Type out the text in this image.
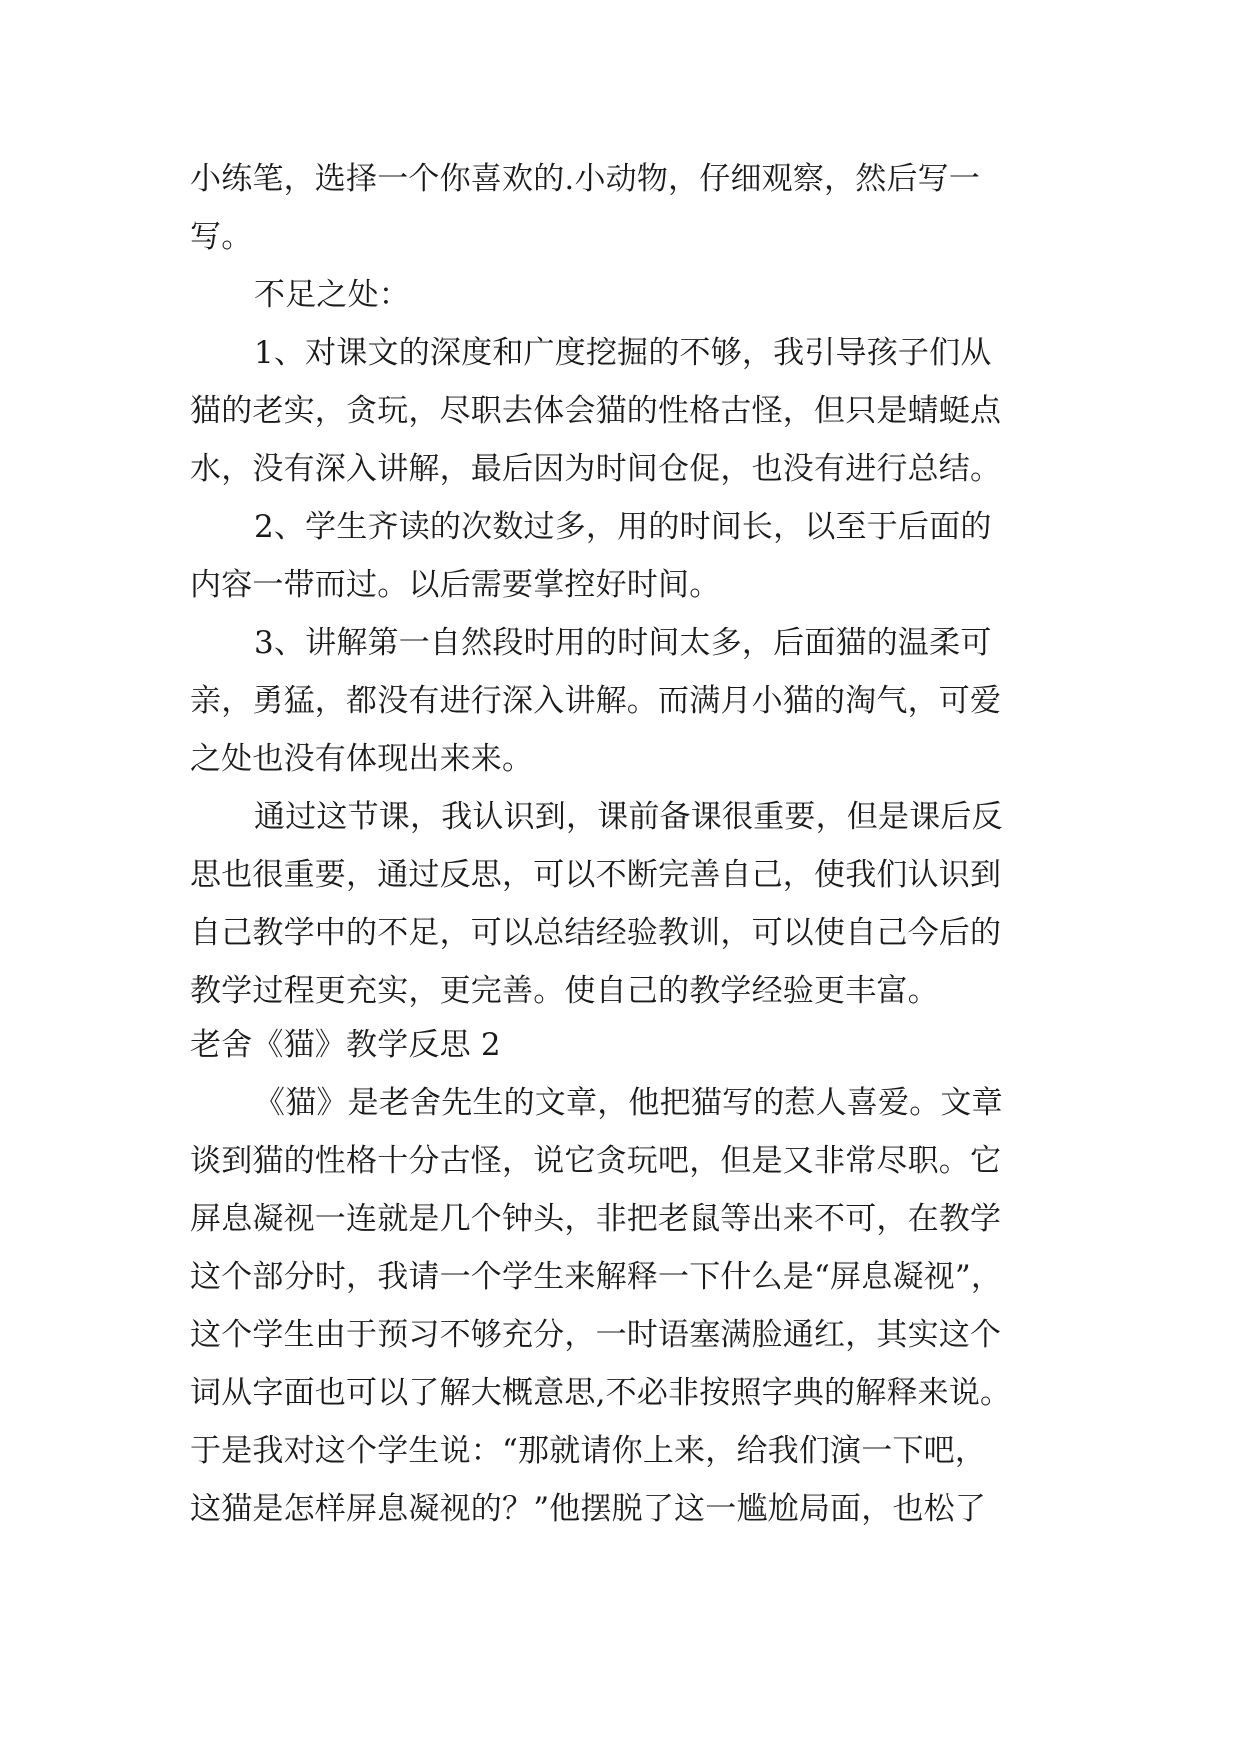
小练笔，选择一个你喜欢的.小动物，仔细观察，然后写一
写。
不足之处：
1、对课文的深度和广度挖掘的不够，我引导孩子们从
猫的老实，贪玩，尽职去体会猫的性格古怪，但只是蜻蜓点
水，没有深入讲解，最后因为时间仓促，也没有进行总结。
2、学生齐读的次数过多，用的时间长，以至于后面的
内容一带而过。以后需要掌控好时间。
3、讲解第一自然段时用的时间太多，后面猫的温柔可
亲，勇猛，都没有进行深入讲解。而满月小猫的淘气，可爱
之处也没有体现出来来。
通过这节课，我认识到，课前备课很重要，但是课后反
思也很重要，通过反思，可以不断完善自己，使我们认识到
自己教学中的不足，可以总结经验教训，可以使自己今后的
教学过程更充实，更完善。使自己的教学经验更丰富。
老舍《猫》教学反思 2
《猫》是老舍先生的文章，他把猫写的惹人喜爱。文章
谈到猫的性格十分古怪，说它贪玩吧，但是又非常尽职。它
屏息凝视一连就是几个钟头，非把老鼠等出来不可，在教学
这个部分时，我请一个学生来解释一下什么是“屏息凝视”，
这个学生由于预习不够充分，一时语塞满脸通红，其实这个
词从字面也可以了解大概意思,不必非按照字典的解释来说。
于是我对这个学生说：“那就请你上来，给我们演一下吧，
这猫是怎样屏息凝视的？”他摆脱了这一尴尬局面，也松了
